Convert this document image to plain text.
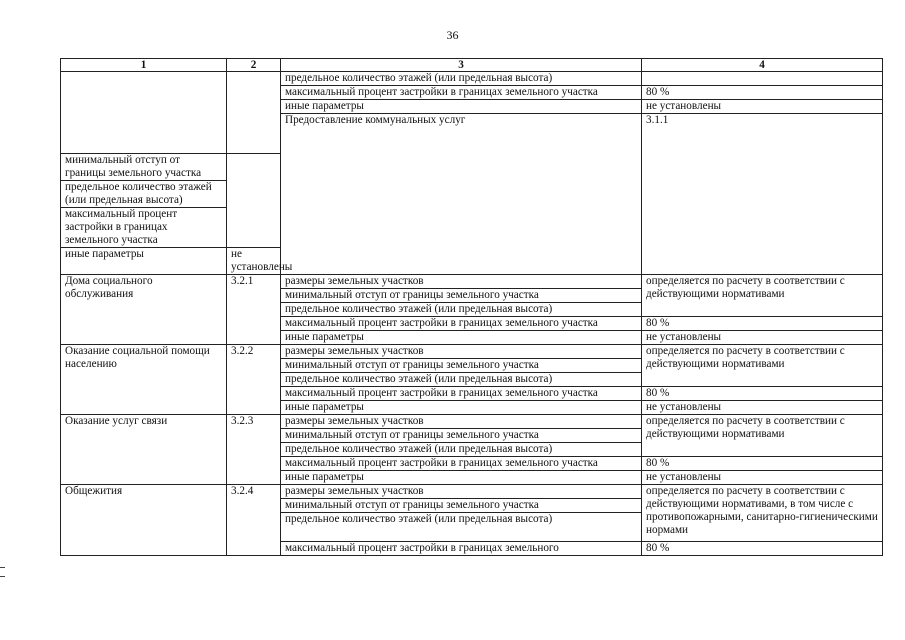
36
1	2	3	4	
		предельное количество этажей (или предельная высота)		
		максимальный процент застройки в границах земельного участка	80 %	
		иные параметры	не установлены	
		Предоставление коммунальных услуг	3.1.1		
минимальный отступ от границы земельного участка				
предельное количество этажей (или предельная высота)				
максимальный процент застройки в границах земельного участка				
иные параметры	не установлены			
Дома социального обслуживания	3.2.1	размеры земельных участков	определяется по расчету в соответствии с действующими нормативами	
		минимальный отступ от границы земельного участка		
		предельное количество этажей (или предельная высота)		
		максимальный процент застройки в границах земельного участка	80 %	
		иные параметры	не установлены	
Оказание социальной помощи населению	3.2.2	размеры земельных участков	определяется по расчету в соответствии с действующими нормативами	
		минимальный отступ от границы земельного участка		
		предельное количество этажей (или предельная высота)		
		максимальный процент застройки в границах земельного участка	80 %	
		иные параметры	не установлены	
Оказание услуг связи	3.2.3	размеры земельных участков	определяется по расчету в соответствии с действующими нормативами	
		минимальный отступ от границы земельного участка		
		предельное количество этажей (или предельная высота)		
		максимальный процент застройки в границах земельного участка	80 %	
		иные параметры	не установлены	
Общежития	3.2.4	размеры земельных участков	определяется по расчету в соответствии с действующими нормативами, в том числе с противопожарными, санитарно-гигиеническими нормами	
		минимальный отступ от границы земельного участка		
		предельное количество этажей (или предельная высота)		
		максимальный процент застройки в границах земельного	80 %	
